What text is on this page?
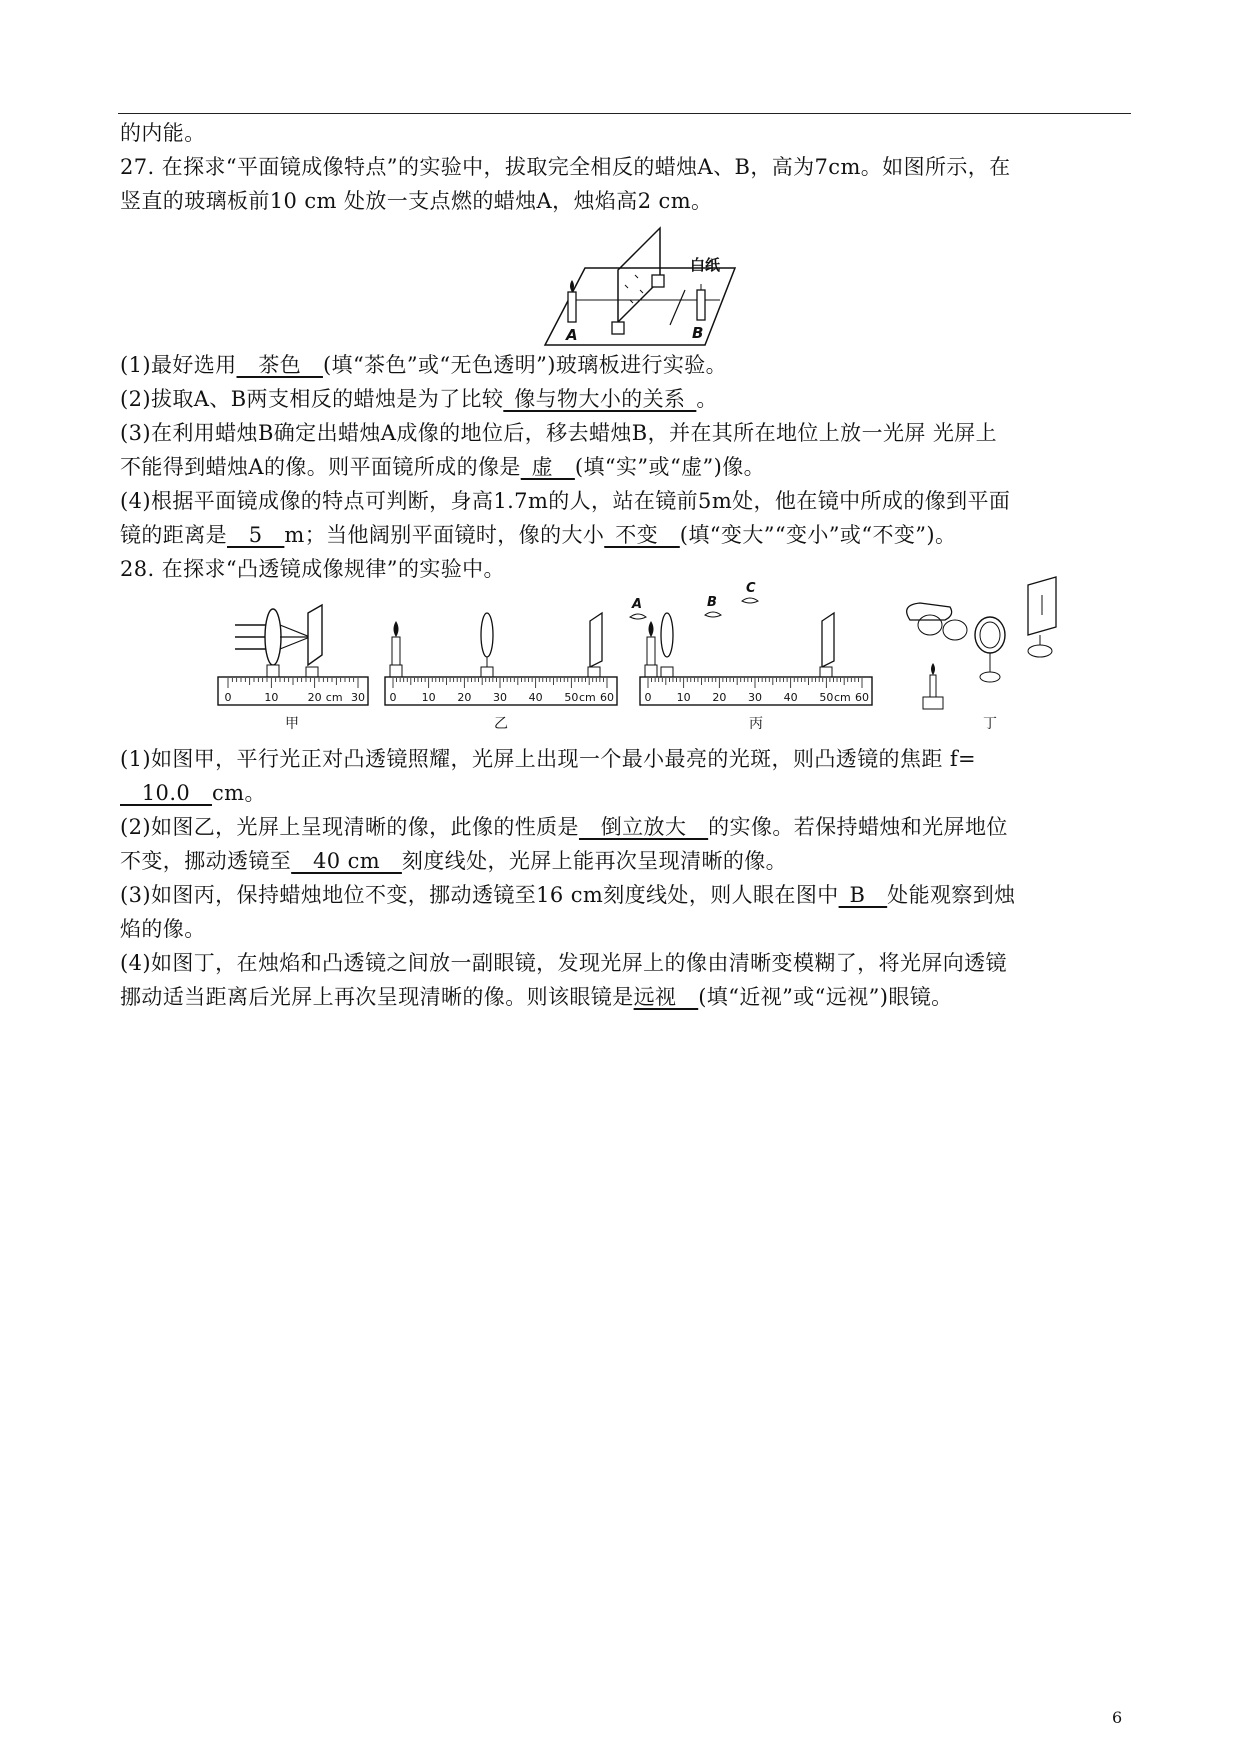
的内能。
27. 在探求“平面镜成像特点”的实验中，拔取完全相反的蜡烛A、B，高为7cm。如图所示，在
竖直的玻璃板前10 cm 处放一支点燃的蜡烛A，烛焰高2 cm。
(1)最好选用__茶色__(填“茶色”或“无色透明”)玻璃板进行实验。
(2)拔取A、B两支相反的蜡烛是为了比较_像与物大小的关系_。
(3)在利用蜡烛B确定出蜡烛A成像的地位后，移去蜡烛B，并在其所在地位上放一光屏 光屏上
不能得到蜡烛A的像。则平面镜所成的像是_虚__(填“实”或“虚”)像。
(4)根据平面镜成像的特点可判断，身高1.7m的人，站在镜前5m处，他在镜中所成的像到平面
镜的距离是__5__m；当他阔别平面镜时，像的大小_不变__(填“变大”“变小”或“不变”)。
28. 在探求“凸透镜成像规律”的实验中。
(1)如图甲，平行光正对凸透镜照耀，光屏上出现一个最小最亮的光斑，则凸透镜的焦距 f=
__10.0__cm。
(2)如图乙，光屏上呈现清晰的像，此像的性质是__倒立放大__的实像。若保持蜡烛和光屏地位
不变，挪动透镜至__40 cm__刻度线处，光屏上能再次呈现清晰的像。
(3)如图丙，保持蜡烛地位不变，挪动透镜至16 cm刻度线处，则人眼在图中_B__处能观察到烛
焰的像。
(4)如图丁，在烛焰和凸透镜之间放一副眼镜，发现光屏上的像由清晰变模糊了，将光屏向透镜
挪动适当距离后光屏上再次呈现清晰的像。则该眼镜是远视__(填“近视”或“远视”)眼镜。
白纸
A	B
甲	乙	丙	丁
A	B
C
0	10	20 cm 30 0 10 20 30 40 50 cm 60	0 10 20 30 40 50 cm 60
6
